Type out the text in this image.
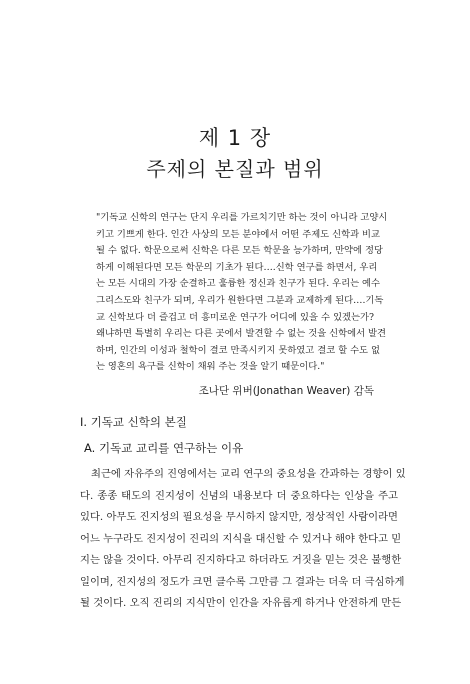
제 1 장
주제의 본질과 범위
"기독교 신학의 연구는 단지 우리를 가르치기만 하는 것이 아니라 고양시
키고 기쁘게 한다. 인간 사상의 모든 분야에서 어떤 주제도 신학과 비교
될 수 없다. 학문으로써 신학은 다른 모든 학문을 능가하며, 만약에 정당
하게 이해된다면 모든 학문의 기초가 된다….신학 연구를 하면서, 우리
는 모든 시대의 가장 순결하고 훌륭한 정신과 친구가 된다. 우리는 예수
그리스도와 친구가 되며, 우리가 원한다면 그분과 교제하게 된다….기독
교 신학보다 더 즐겁고 더 흥미로운 연구가 어디에 있을 수 있겠는가?
왜냐하면 특별히 우리는 다른 곳에서 발견할 수 없는 것을 신학에서 발견
하며, 인간의 이성과 철학이 결코 만족시키지 못하였고 결코 할 수도 없
는 영혼의 욕구를 신학이 채워 주는 것을 알기 때문이다."
조나단 위버(Jonathan Weaver) 감독
Ⅰ. 기독교 신학의 본질
A. 기독교 교리를 연구하는 이유
최근에 자유주의 진영에서는 교리 연구의 중요성을 간과하는 경향이 있
다. 종종 태도의 진지성이 신념의 내용보다 더 중요하다는 인상을 주고
있다. 아무도 진지성의 필요성을 무시하지 않지만, 정상적인 사람이라면
어느 누구라도 진지성이 진리의 지식을 대신할 수 있거나 해야 한다고 믿
지는 않을 것이다. 아무리 진지하다고 하더라도 거짓을 믿는 것은 불행한
일이며, 진지성의 정도가 크면 클수록 그만큼 그 결과는 더욱 더 극심하게
될 것이다. 오직 진리의 지식만이 인간을 자유롭게 하거나 안전하게 만든
